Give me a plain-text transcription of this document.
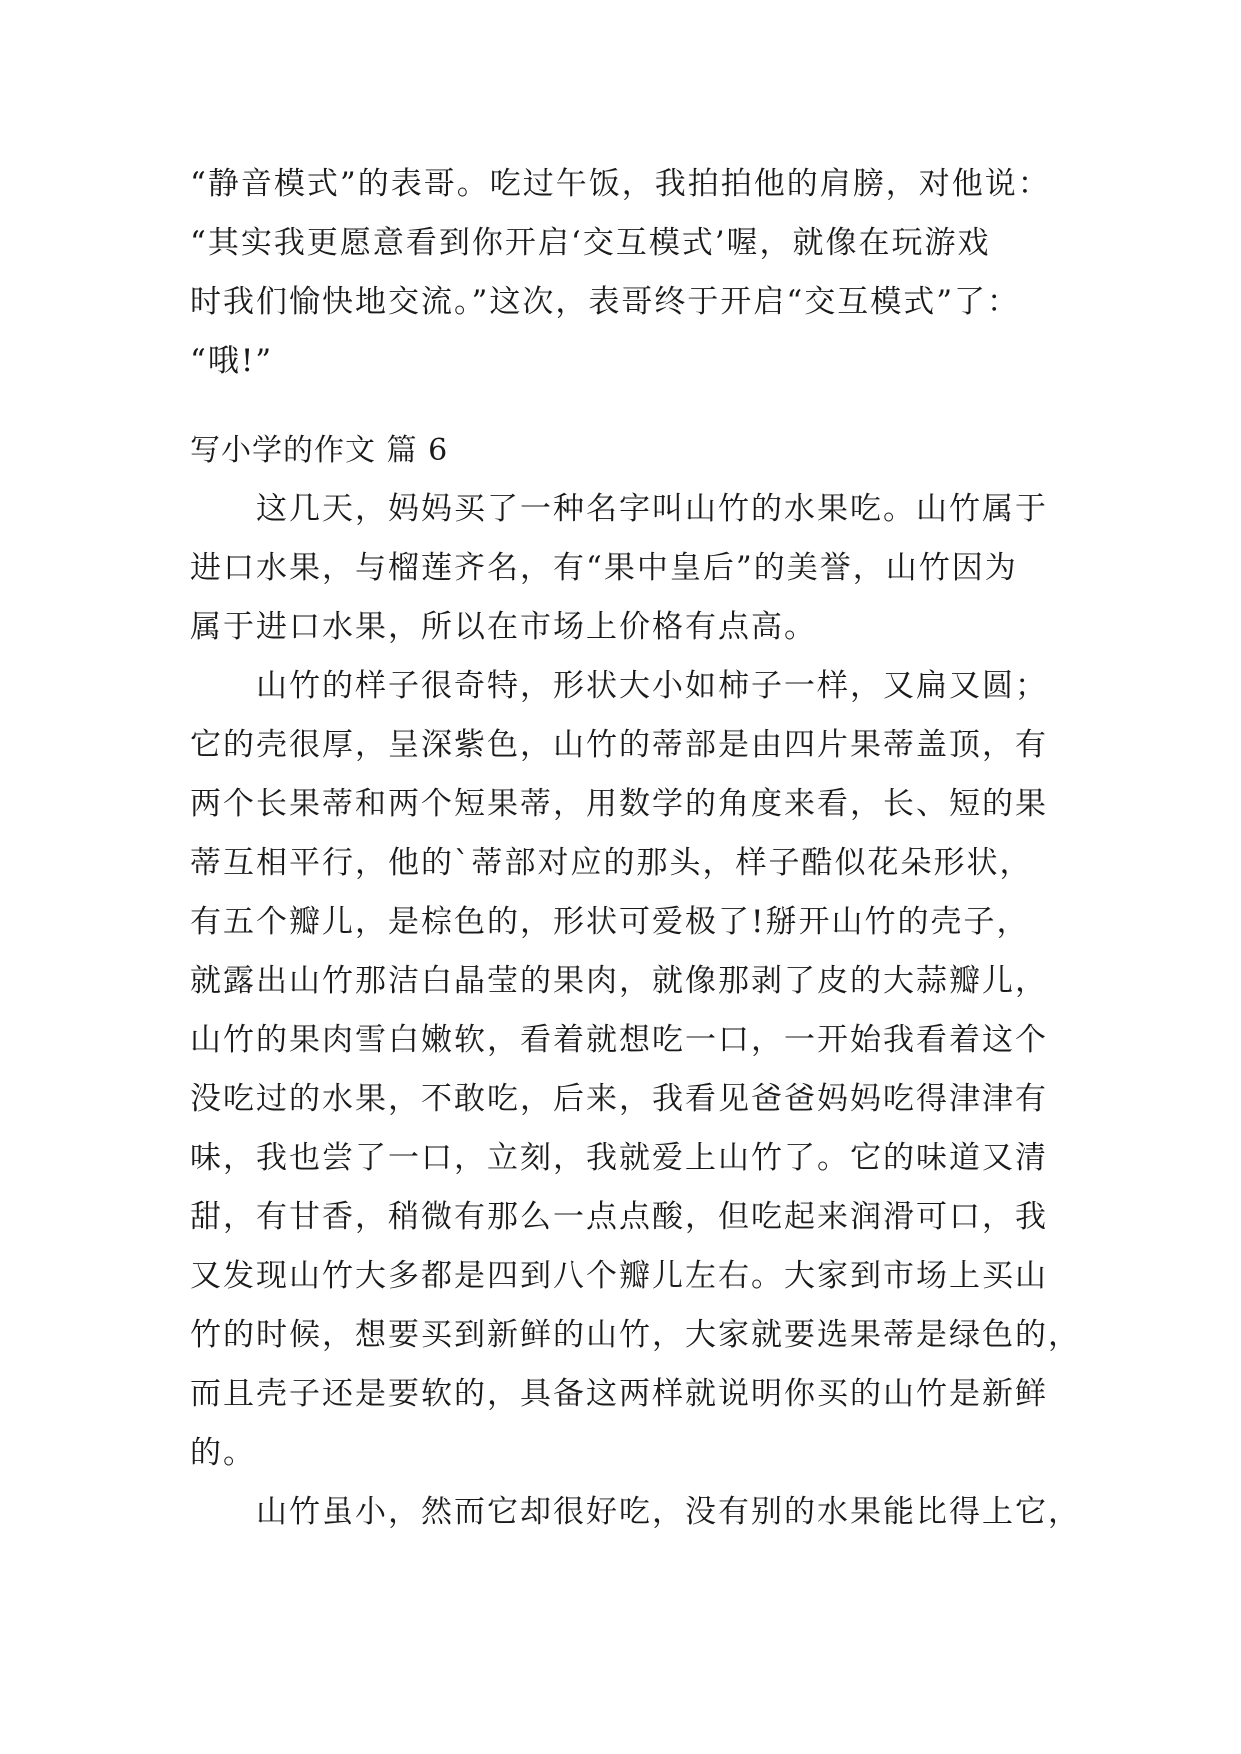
“静音模式”的表哥。吃过午饭，我拍拍他的肩膀，对他说：
“其实我更愿意看到你开启‘交互模式’喔，就像在玩游戏
时我们愉快地交流。”这次，表哥终于开启“交互模式”了：
“哦!”
写小学的作文 篇 6
这几天，妈妈买了一种名字叫山竹的水果吃。山竹属于
进口水果，与榴莲齐名，有“果中皇后”的美誉，山竹因为
属于进口水果，所以在市场上价格有点高。
山竹的样子很奇特，形状大小如柿子一样，又扁又圆；
它的壳很厚，呈深紫色，山竹的蒂部是由四片果蒂盖顶，有
两个长果蒂和两个短果蒂，用数学的角度来看，长、短的果
蒂互相平行，他的`蒂部对应的那头，样子酷似花朵形状，
有五个瓣儿，是棕色的，形状可爱极了!掰开山竹的壳子，
就露出山竹那洁白晶莹的果肉，就像那剥了皮的大蒜瓣儿，
山竹的果肉雪白嫩软，看着就想吃一口，一开始我看着这个
没吃过的水果，不敢吃，后来，我看见爸爸妈妈吃得津津有
味，我也尝了一口，立刻，我就爱上山竹了。它的味道又清
甜，有甘香，稍微有那么一点点酸，但吃起来润滑可口，我
又发现山竹大多都是四到八个瓣儿左右。大家到市场上买山
竹的时候，想要买到新鲜的山竹，大家就要选果蒂是绿色的，
而且壳子还是要软的，具备这两样就说明你买的山竹是新鲜
的。
山竹虽小，然而它却很好吃，没有别的水果能比得上它，
